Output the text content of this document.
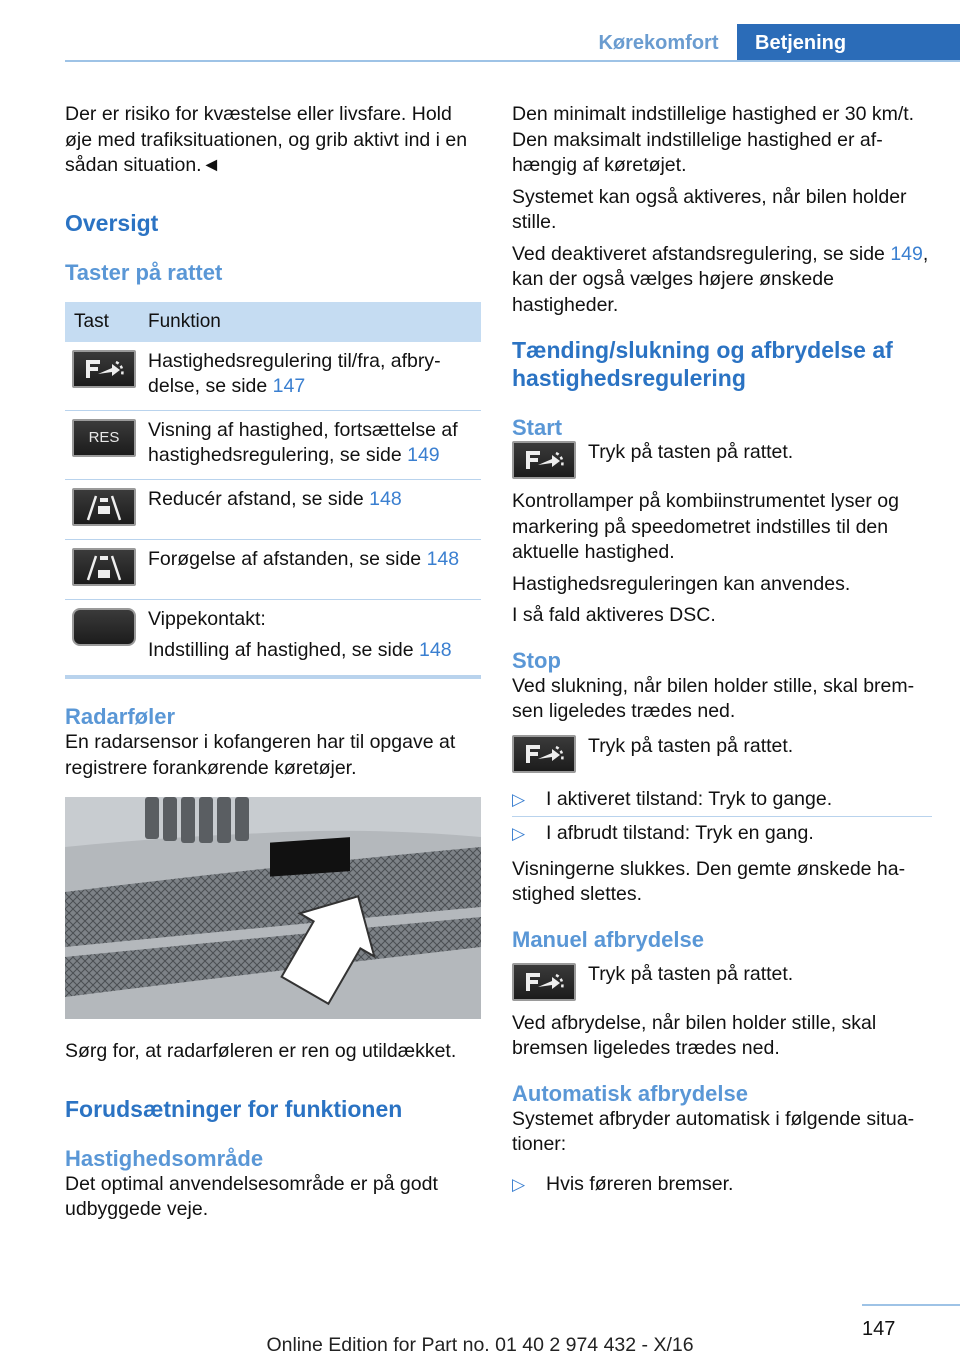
Kørekomfort	Betjening

Der er risiko for kvæstelse eller livsfare. Hold øje med trafiksituationen, og grib aktivt ind i en sådan situation.◄

Oversigt
Taster på rattet
Tast	Funktion

	Hastighedsregulering til/fra, afbrydelse, se side 147

RES	Visning af hastighed, fortsættelse af hastighedsregulering, se side 149

	Reducér afstand, se side 148

	Forøgelse af afstanden, se side 148

	Vippekontakt:
Indstilling af hastighed, se side 148
Radarføler

En radarsensor i kofangeren har til opgave at registrere forankørende køretøjer.

Sørg for, at radarføleren er ren og utildækket.

Forudsætninger for funktionen
Hastighedsområde

Det optimal anvendelsesområde er på godt udbyggede veje.

Den minimalt indstillelige hastighed er 30 km/t. Den maksimalt indstillelige hastighed er afhængig af køretøjet.

Systemet kan også aktiveres, når bilen holder stille.

Ved deaktiveret afstandsregulering, se side 149, kan der også vælges højere ønskede hastigheder.

Tænding/slukning og afbrydelse af hastighedsregulering
Start
Tryk på tasten på rattet.

Kontrollamper på kombiinstrumentet lyser og markering på speedometret indstilles til den aktuelle hastighed.

Hastighedsreguleringen kan anvendes.

I så fald aktiveres DSC.

Stop

Ved slukning, når bilen holder stille, skal bremsen ligeledes trædes ned.

Tryk på tasten på rattet.
▷ I aktiveret tilstand: Tryk to gange.
▷ I afbrudt tilstand: Tryk en gang.

Visningerne slukkes. Den gemte ønskede hastighed slettes.

Manuel afbrydelse
Tryk på tasten på rattet.

Ved afbrydelse, når bilen holder stille, skal bremsen ligeledes trædes ned.

Automatisk afbrydelse

Systemet afbryder automatisk i følgende situationer:

▷ Hvis føreren bremser.
147
Online Edition for Part no. 01 40 2 974 432 - X/16
